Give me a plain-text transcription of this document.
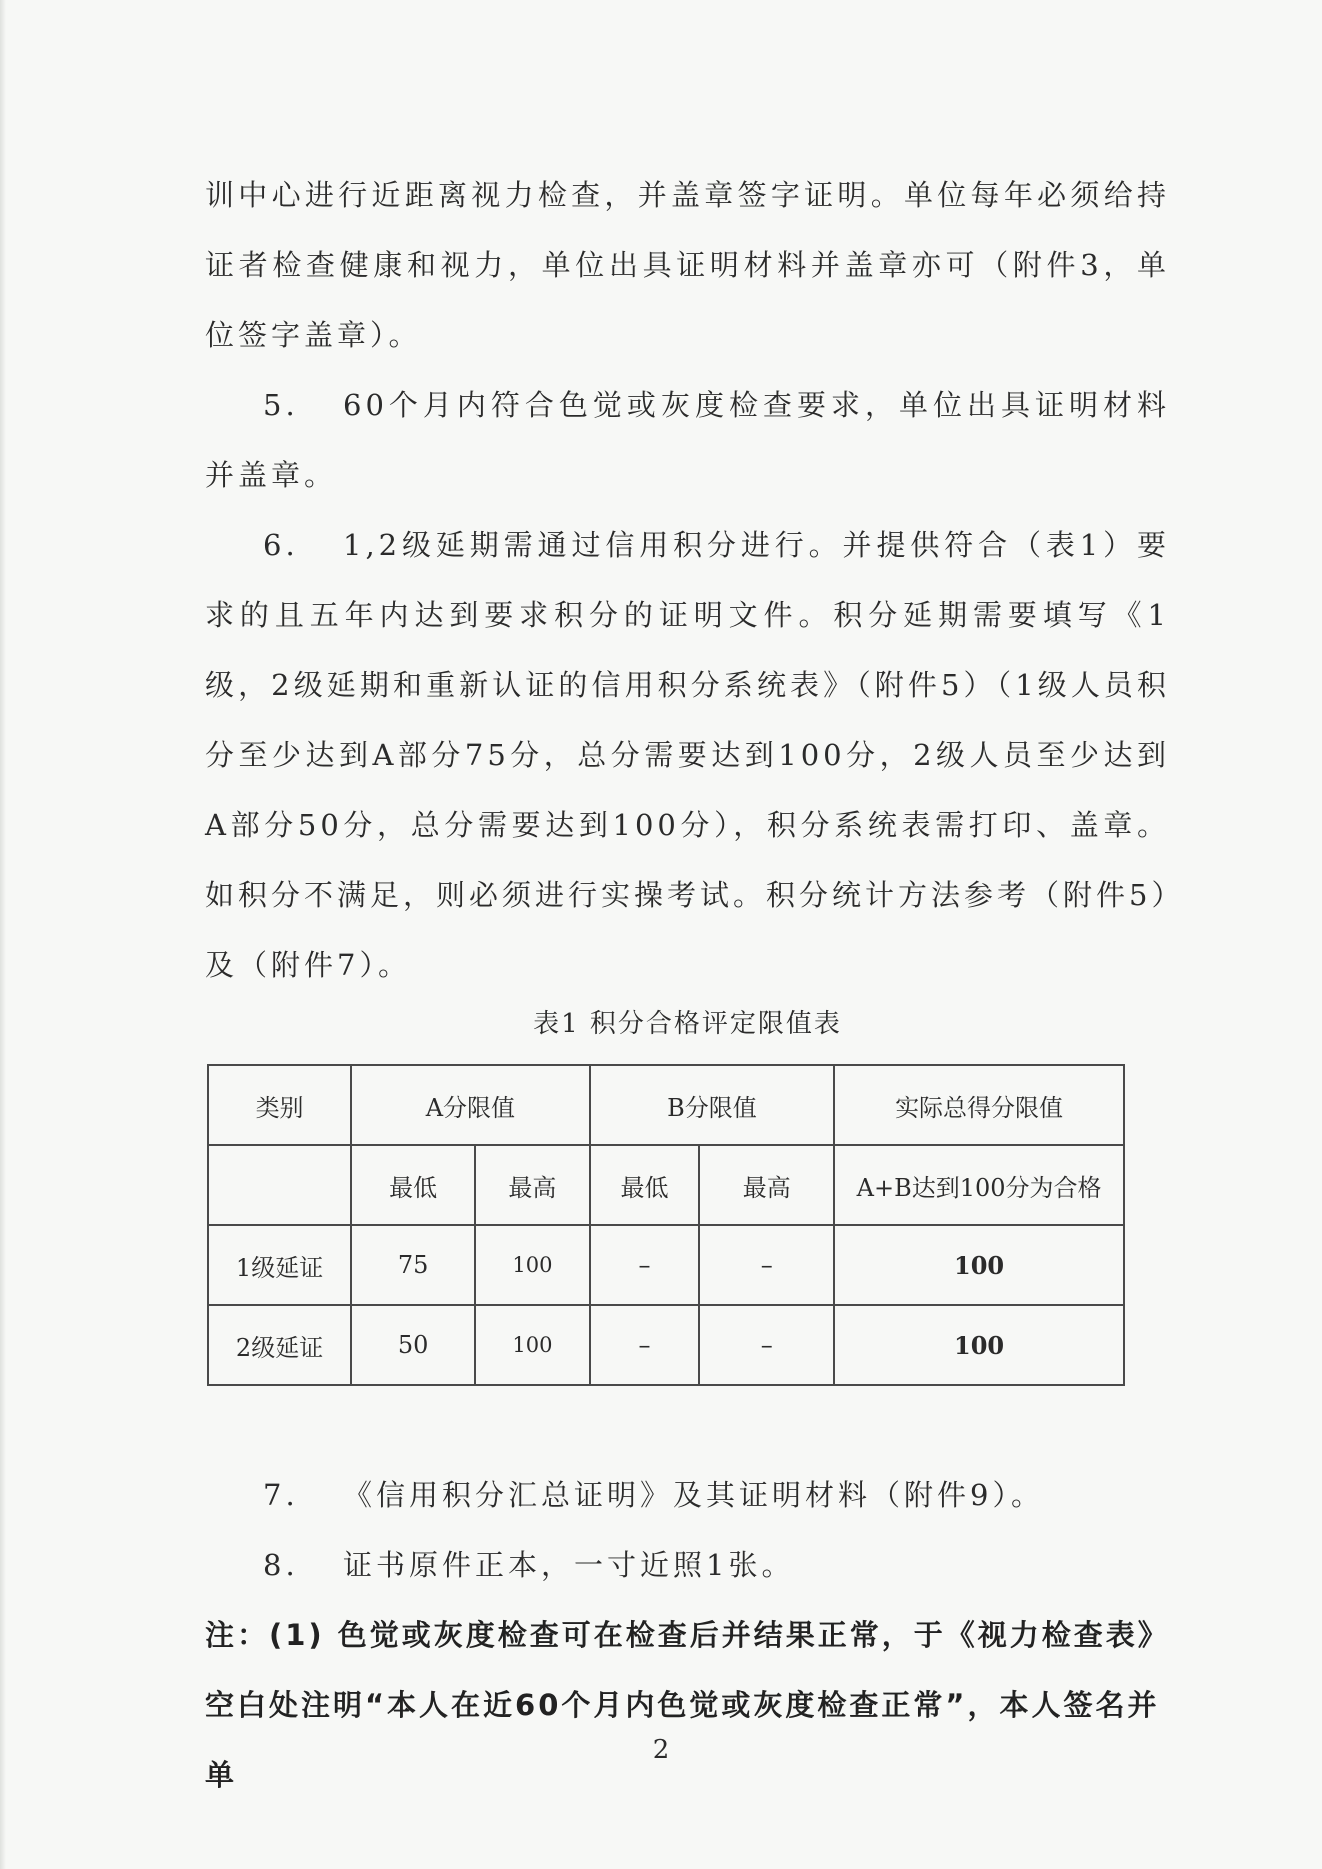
训中心进行近距离视力检查，并盖章签字证明。单位每年必须给持证者检查健康和视力，单位出具证明材料并盖章亦可（附件3，单位签字盖章）。

5. 60个月内符合色觉或灰度检查要求，单位出具证明材料并盖章。

6. 1,2级延期需通过信用积分进行。并提供符合（表1）要求的且五年内达到要求积分的证明文件。积分延期需要填写《1级，2级延期和重新认证的信用积分系统表》（附件5）（1级人员积分至少达到A部分75分，总分需要达到100分，2级人员至少达到A部分50分，总分需要达到100分），积分系统表需打印、盖章。如积分不满足，则必须进行实操考试。积分统计方法参考（附件5）及（附件7）。

表1 积分合格评定限值表
类别	A分限值		B分限值		实际总得分限值
	最低	最高	最低	最高	A+B达到100分为合格
1级延证	75	100	–	–	100
2级延证	50	100	–	–	100

7. 《信用积分汇总证明》及其证明材料（附件9）。

8. 证书原件正本，一寸近照1张。

注：(1) 色觉或灰度检查可在检查后并结果正常，于《视力检查表》空白处注明“本人在近60个月内色觉或灰度检查正常”，本人签名并单

2
